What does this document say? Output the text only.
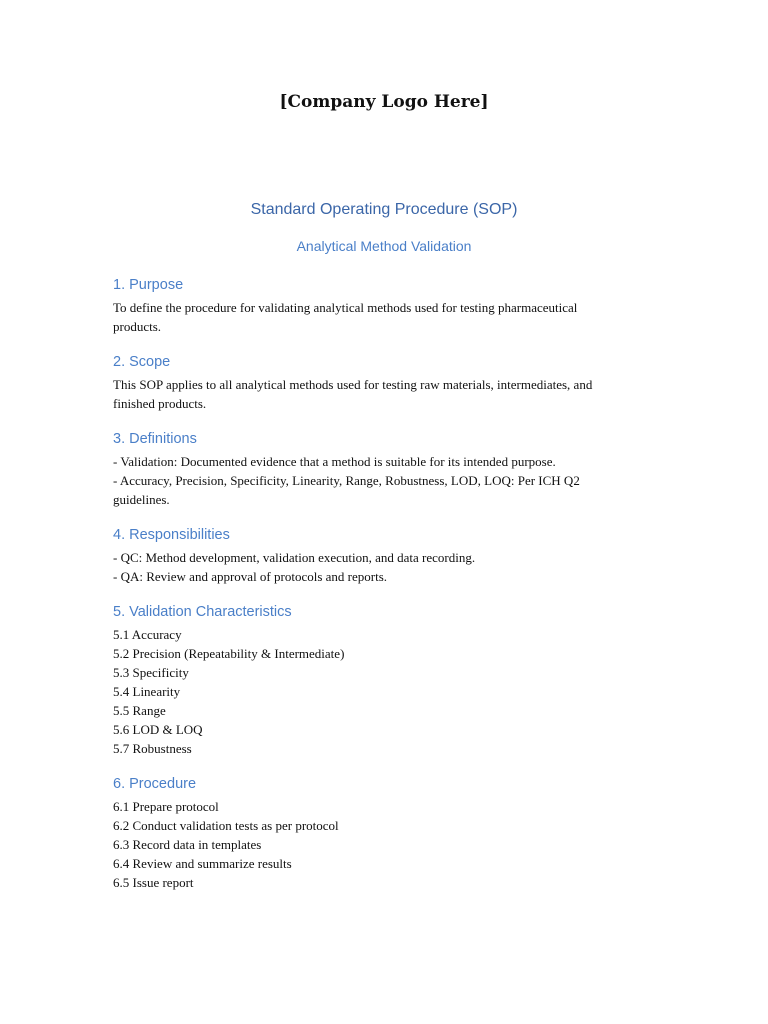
[Company Logo Here]
Standard Operating Procedure (SOP)
Analytical Method Validation
1. Purpose
To define the procedure for validating analytical methods used for testing pharmaceutical
products.
2. Scope
This SOP applies to all analytical methods used for testing raw materials, intermediates, and
finished products.
3. Definitions
- Validation: Documented evidence that a method is suitable for its intended purpose.
- Accuracy, Precision, Specificity, Linearity, Range, Robustness, LOD, LOQ: Per ICH Q2
guidelines.
4. Responsibilities
- QC: Method development, validation execution, and data recording.
- QA: Review and approval of protocols and reports.
5. Validation Characteristics
5.1 Accuracy
5.2 Precision (Repeatability & Intermediate)
5.3 Specificity
5.4 Linearity
5.5 Range
5.6 LOD & LOQ
5.7 Robustness
6. Procedure
6.1 Prepare protocol
6.2 Conduct validation tests as per protocol
6.3 Record data in templates
6.4 Review and summarize results
6.5 Issue report
